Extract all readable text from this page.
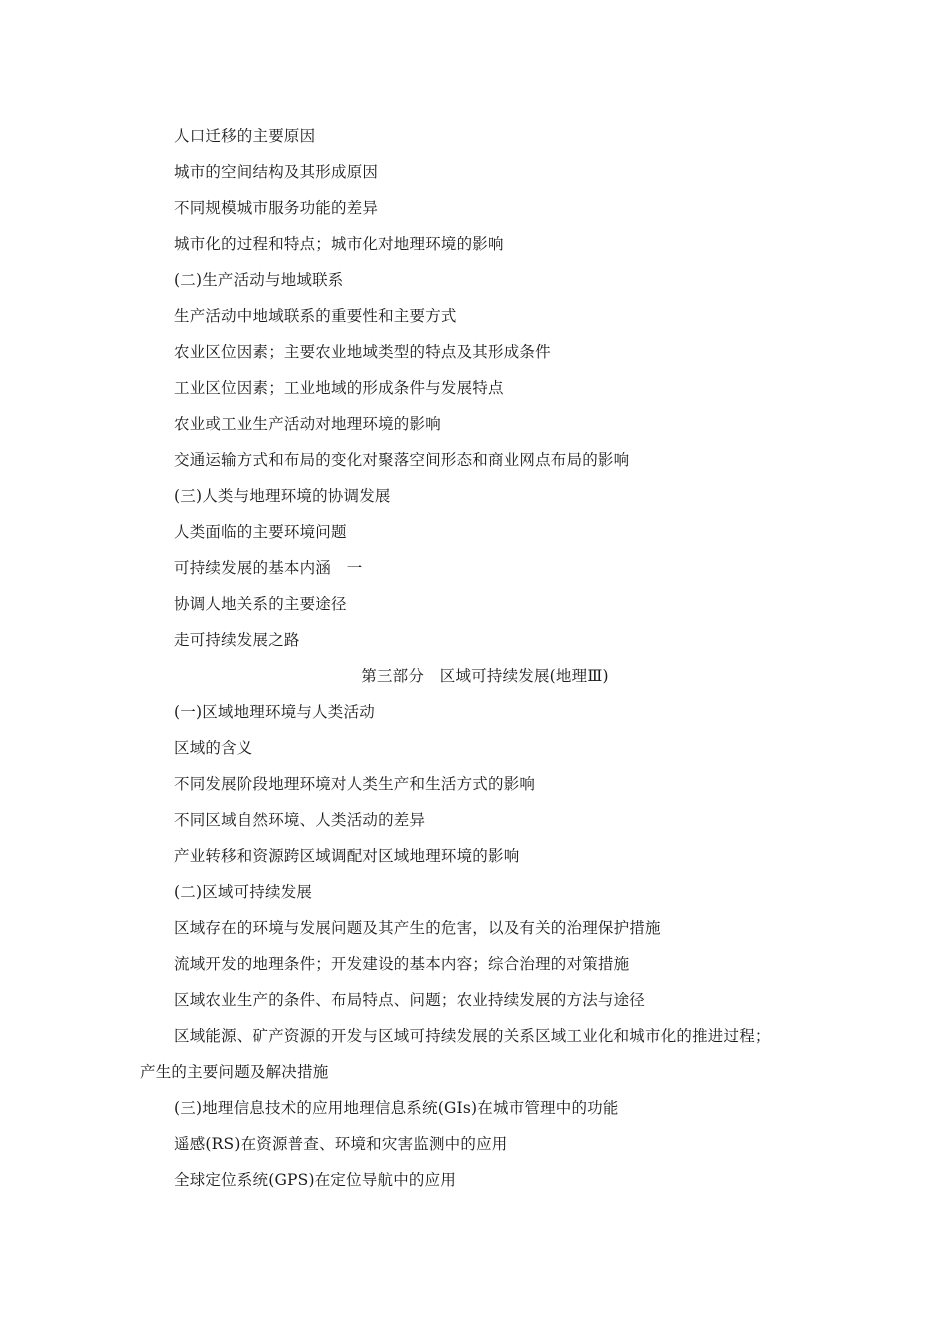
人口迁移的主要原因
城市的空间结构及其形成原因
不同规模城市服务功能的差异
城市化的过程和特点；城市化对地理环境的影响
(二)生产活动与地域联系
生产活动中地域联系的重要性和主要方式
农业区位因素；主要农业地域类型的特点及其形成条件
工业区位因素；工业地域的形成条件与发展特点
农业或工业生产活动对地理环境的影响
交通运输方式和布局的变化对聚落空间形态和商业网点布局的影响
(三)人类与地理环境的协调发展
人类面临的主要环境问题
可持续发展的基本内涵　一
协调人地关系的主要途径
走可持续发展之路
第三部分　区域可持续发展(地理Ⅲ)
(一)区域地理环境与人类活动
区域的含义
不同发展阶段地理环境对人类生产和生活方式的影响
不同区域自然环境、人类活动的差异
产业转移和资源跨区域调配对区域地理环境的影响
(二)区域可持续发展
区域存在的环境与发展问题及其产生的危害，以及有关的治理保护措施
流域开发的地理条件；开发建设的基本内容；综合治理的对策措施
区域农业生产的条件、布局特点、问题；农业持续发展的方法与途径
区域能源、矿产资源的开发与区域可持续发展的关系区域工业化和城市化的推进过程；
产生的主要问题及解决措施
(三)地理信息技术的应用地理信息系统(GIs)在城市管理中的功能
遥感(RS)在资源普查、环境和灾害监测中的应用
全球定位系统(GPS)在定位导航中的应用
